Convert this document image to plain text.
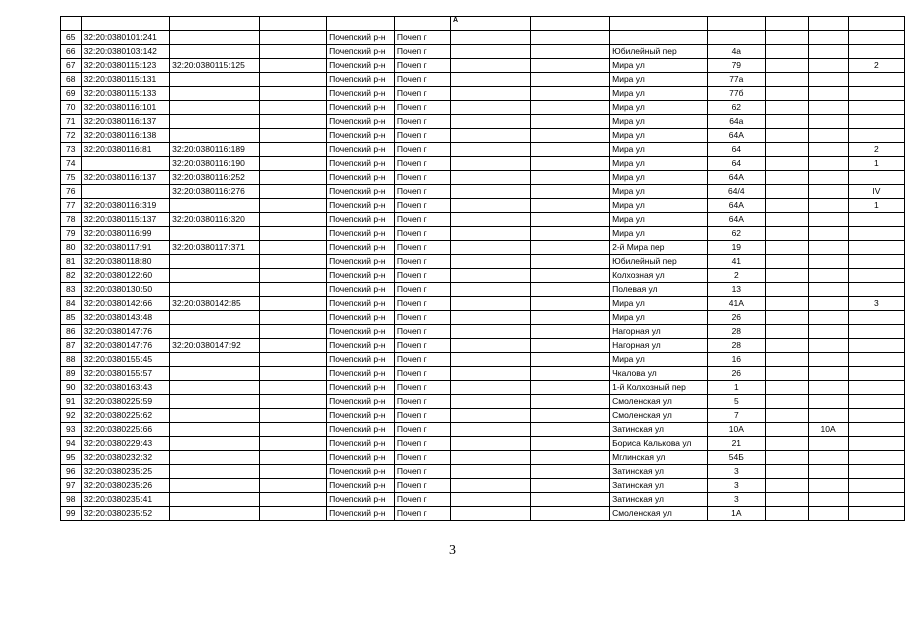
						А						
65	32:20:0380101:241			Почепский р-н	Почеп г							
66	32:20:0380103:142			Почепский р-н	Почеп г			Юбилейный пер	4а			
67	32:20:0380115:123	32:20:0380115:125		Почепский р-н	Почеп г			Мира ул	79			2
68	32:20:0380115:131			Почепский р-н	Почеп г			Мира ул	77а			
69	32:20:0380115:133			Почепский р-н	Почеп г			Мира ул	77б			
70	32:20:0380116:101			Почепский р-н	Почеп г			Мира ул	62			
71	32:20:0380116:137			Почепский р-н	Почеп г			Мира ул	64а			
72	32:20:0380116:138			Почепский р-н	Почеп г			Мира ул	64А			
73	32:20:0380116:81	32:20:0380116:189		Почепский р-н	Почеп г			Мира ул	64			2
74		32:20:0380116:190		Почепский р-н	Почеп г			Мира ул	64			1
75	32:20:0380116:137	32:20:0380116:252		Почепский р-н	Почеп г			Мира ул	64А			
76		32:20:0380116:276		Почепский р-н	Почеп г			Мира ул	64/4			IV
77	32:20:0380116:319			Почепский р-н	Почеп г			Мира ул	64А			1
78	32:20:0380115:137	32:20:0380116:320		Почепский р-н	Почеп г			Мира ул	64А			
79	32:20:0380116:99			Почепский р-н	Почеп г			Мира ул	62			
80	32:20:0380117:91	32:20:0380117:371		Почепский р-н	Почеп г			2-й Мира пер	19			
81	32:20:0380118:80			Почепский р-н	Почеп г			Юбилейный пер	41			
82	32:20:0380122:60			Почепский р-н	Почеп г			Колхозная ул	2			
83	32:20:0380130:50			Почепский р-н	Почеп г			Полевая ул	13			
84	32:20:0380142:66	32:20:0380142:85		Почепский р-н	Почеп г			Мира ул	41А			3
85	32:20:0380143:48			Почепский р-н	Почеп г			Мира ул	26			
86	32:20:0380147:76			Почепский р-н	Почеп г			Нагорная ул	28			
87	32:20:0380147:76	32:20:0380147:92		Почепский р-н	Почеп г			Нагорная ул	28			
88	32:20:0380155:45			Почепский р-н	Почеп г			Мира ул	16			
89	32:20:0380155:57			Почепский р-н	Почеп г			Чкалова ул	26			
90	32:20:0380163:43			Почепский р-н	Почеп г			1-й Колхозный пер	1			
91	32:20:0380225:59			Почепский р-н	Почеп г			Смоленская ул	5			
92	32:20:0380225:62			Почепский р-н	Почеп г			Смоленская ул	7			
93	32:20:0380225:66			Почепский р-н	Почеп г			Затинская ул	10А		10А	
94	32:20:0380229:43			Почепский р-н	Почеп г			Бориса Калькова ул	21			
95	32:20:0380232:32			Почепский р-н	Почеп г			Мглинская ул	54Б			
96	32:20:0380235:25			Почепский р-н	Почеп г			Затинская ул	3			
97	32:20:0380235:26			Почепский р-н	Почеп г			Затинская ул	3			
98	32:20:0380235:41			Почепский р-н	Почеп г			Затинская ул	3			
99	32:20:0380235:52			Почепский р-н	Почеп г			Смоленская ул	1А			
3
